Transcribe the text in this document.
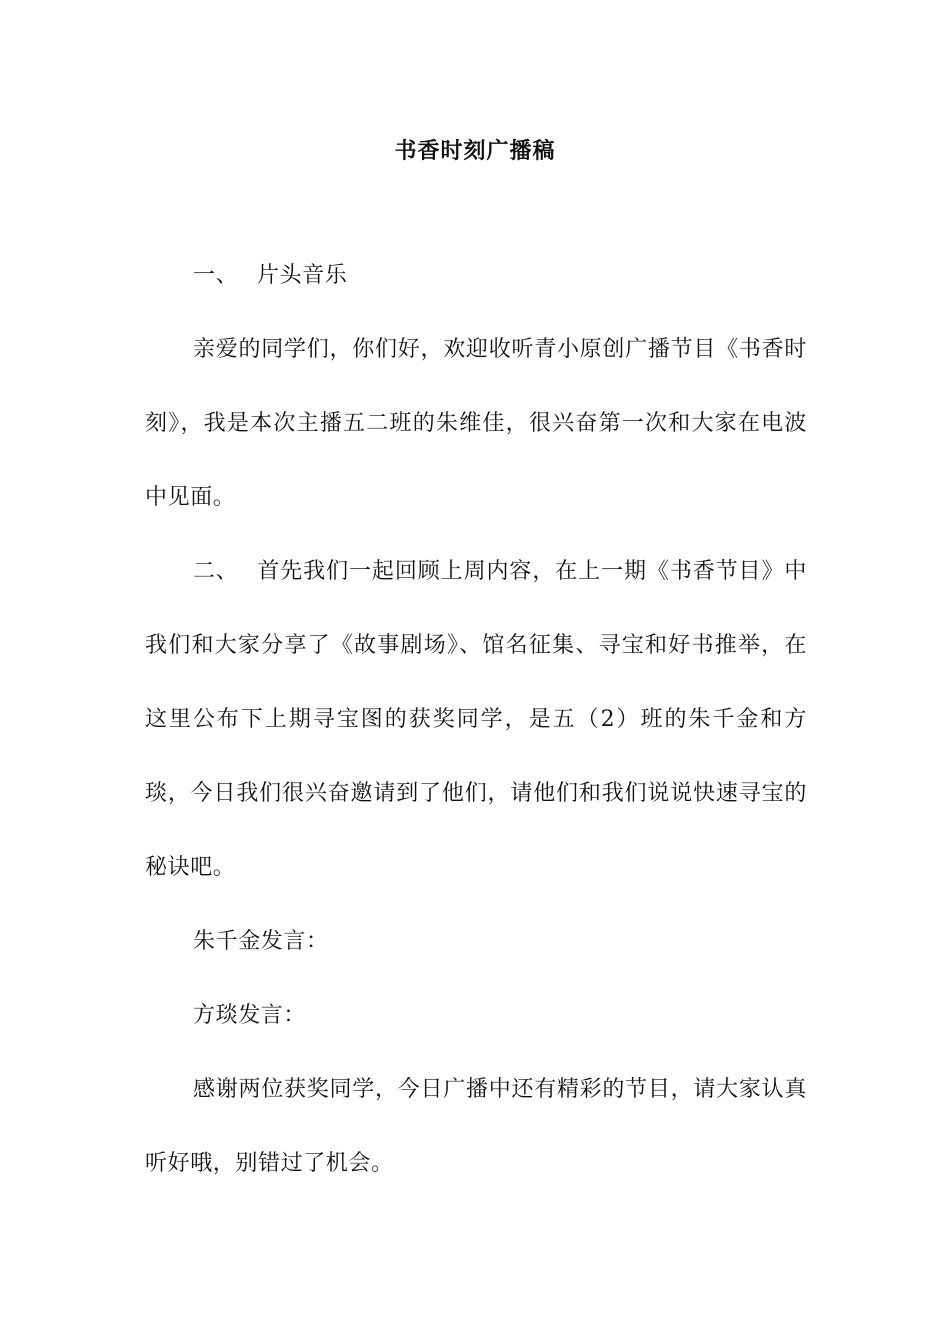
书香时刻广播稿

一、 片头音乐

亲爱的同学们，你们好，欢迎收听青小原创广播节目《书香时刻》，我是本次主播五二班的朱维佳，很兴奋第一次和大家在电波中见面。

二、 首先我们一起回顾上周内容，在上一期《书香节目》中我们和大家分享了《故事剧场》、馆名征集、寻宝和好书推举，在这里公布下上期寻宝图的获奖同学，是五（2）班的朱千金和方琰，今日我们很兴奋邀请到了他们，请他们和我们说说快速寻宝的秘诀吧。

朱千金发言：

方琰发言：

感谢两位获奖同学，今日广播中还有精彩的节目，请大家认真听好哦，别错过了机会。
